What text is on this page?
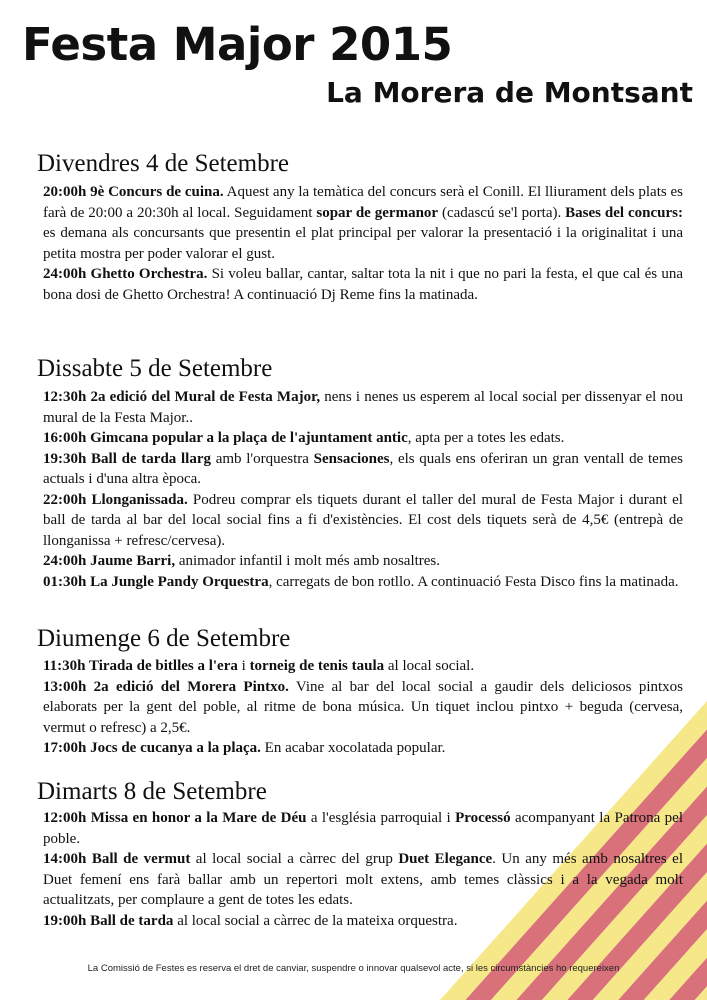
Festa Major 2015
La Morera de Montsant
Divendres 4 de Setembre

20:00h 9è Concurs de cuina. Aquest any la temàtica del concurs serà el Conill. El lliurament dels plats es farà de 20:00 a 20:30h al local. Seguidament sopar de germanor (cadascú se'l porta). Bases del concurs: es demana als concursants que presentin el plat principal per valorar la presentació i la originalitat i una petita mostra per poder valorar el gust.

24:00h Ghetto Orchestra. Si voleu ballar, cantar, saltar tota la nit i que no pari la festa, el que cal és una bona dosi de Ghetto Orchestra! A continuació Dj Reme fins la matinada.

Dissabte 5 de Setembre

12:30h 2a edició del Mural de Festa Major, nens i nenes us esperem al local social per dissenyar el nou mural de la Festa Major..

16:00h Gimcana popular a la plaça de l'ajuntament antic, apta per a totes les edats.

19:30h Ball de tarda llarg amb l'orquestra Sensaciones, els quals ens oferiran un gran ventall de temes actuals i d'una altra època.

22:00h Llonganissada. Podreu comprar els tiquets durant el taller del mural de Festa Major i durant el ball de tarda al bar del local social fins a fi d'existències. El cost dels tiquets serà de 4,5€ (entrepà de llonganissa + refresc/cervesa).

24:00h Jaume Barri, animador infantil i molt més amb nosaltres.

01:30h La Jungle Pandy Orquestra, carregats de bon rotllo. A continuació Festa Disco fins la matinada.

Diumenge 6 de Setembre

11:30h Tirada de bitlles a l'era i torneig de tenis taula al local social.

13:00h 2a edició del Morera Pintxo. Vine al bar del local social a gaudir dels deliciosos pintxos elaborats per la gent del poble, al ritme de bona música. Un tiquet inclou pintxo + beguda (cervesa, vermut o refresc) a 2,5€.

17:00h Jocs de cucanya a la plaça. En acabar xocolatada popular.

Dimarts 8 de Setembre

12:00h Missa en honor a la Mare de Déu a l'església parroquial i Processó acompanyant la Patrona pel poble.

14:00h Ball de vermut al local social a càrrec del grup Duet Elegance. Un any més amb nosaltres el Duet femení ens farà ballar amb un repertori molt extens, amb temes clàssics i a la vegada molt actualitzats, per complaure a gent de totes les edats.

19:00h Ball de tarda al local social a càrrec de la mateixa orquestra.

La Comissió de Festes es reserva el dret de canviar, suspendre o innovar qualsevol acte, si les circumstàncies ho requereixen
